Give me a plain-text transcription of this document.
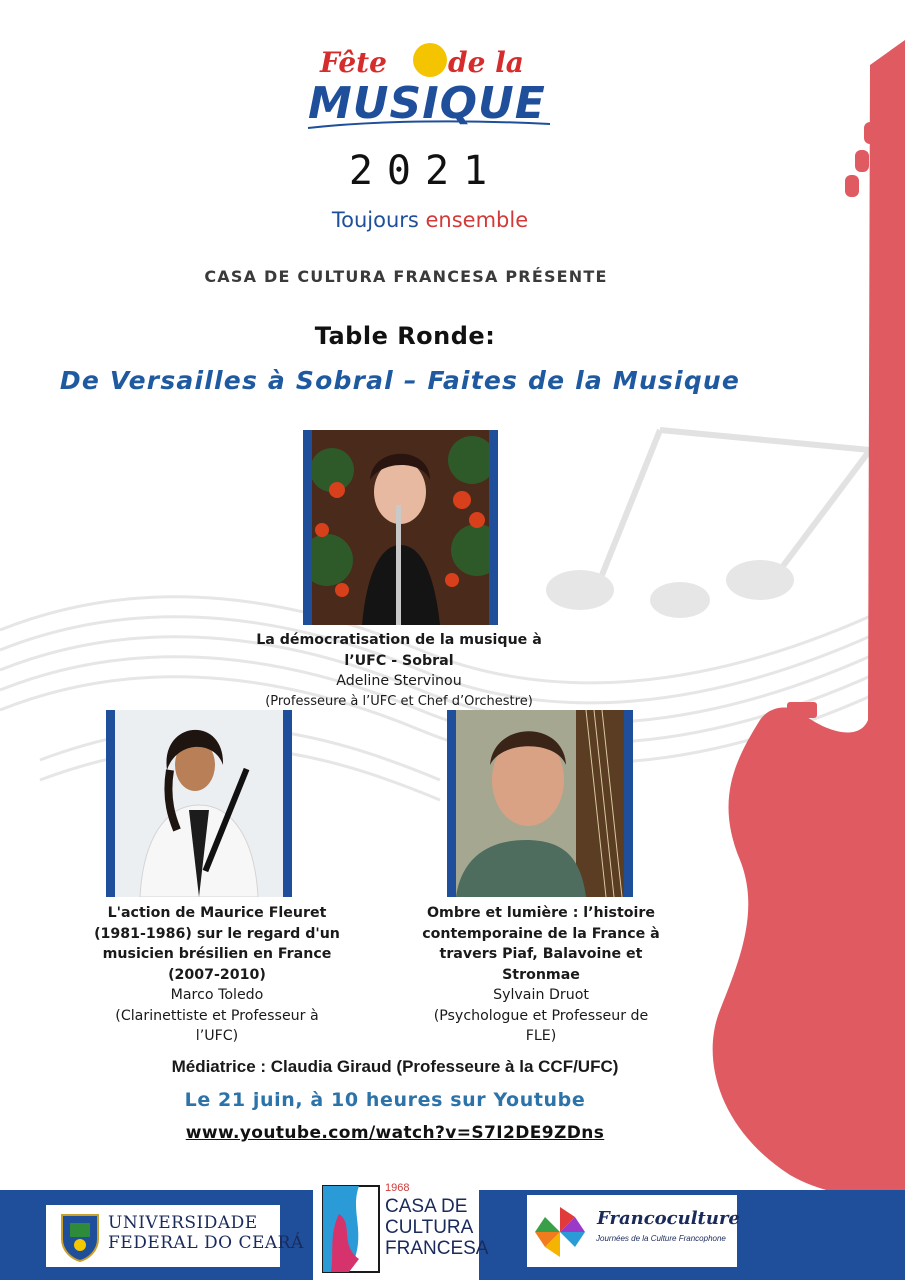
Fête de la
MUSIQUE
2021
Toujours ensemble
CASA DE CULTURA FRANCESA PRÉSENTE
Table Ronde:
De Versailles à Sobral – Faites de la Musique
La démocratisation de la musique à
l’UFC - Sobral
Adeline Stervinou
(Professeure à l’UFC et Chef d’Orchestre)
L'action de Maurice Fleuret
(1981-1986) sur le regard d'un
musicien brésilien en France
(2007-2010)
Marco Toledo
(Clarinettiste et Professeur à
l’UFC)
Ombre et lumière : l’histoire
contemporaine de la France à
travers Piaf, Balavoine et
Stronmae
Sylvain Druot
(Psychologue et Professeur de
FLE)
Médiatrice : Claudia Giraud (Professeure à la CCF/UFC)
Le 21 juin, à 10 heures sur Youtube
www.youtube.com/watch?v=S7I2DE9ZDns
UNIVERSIDADE
FEDERAL DO CEARÁ
1968
CASA DE
CULTURA
FRANCESA
Francoculture
Journées de la Culture Francophone
